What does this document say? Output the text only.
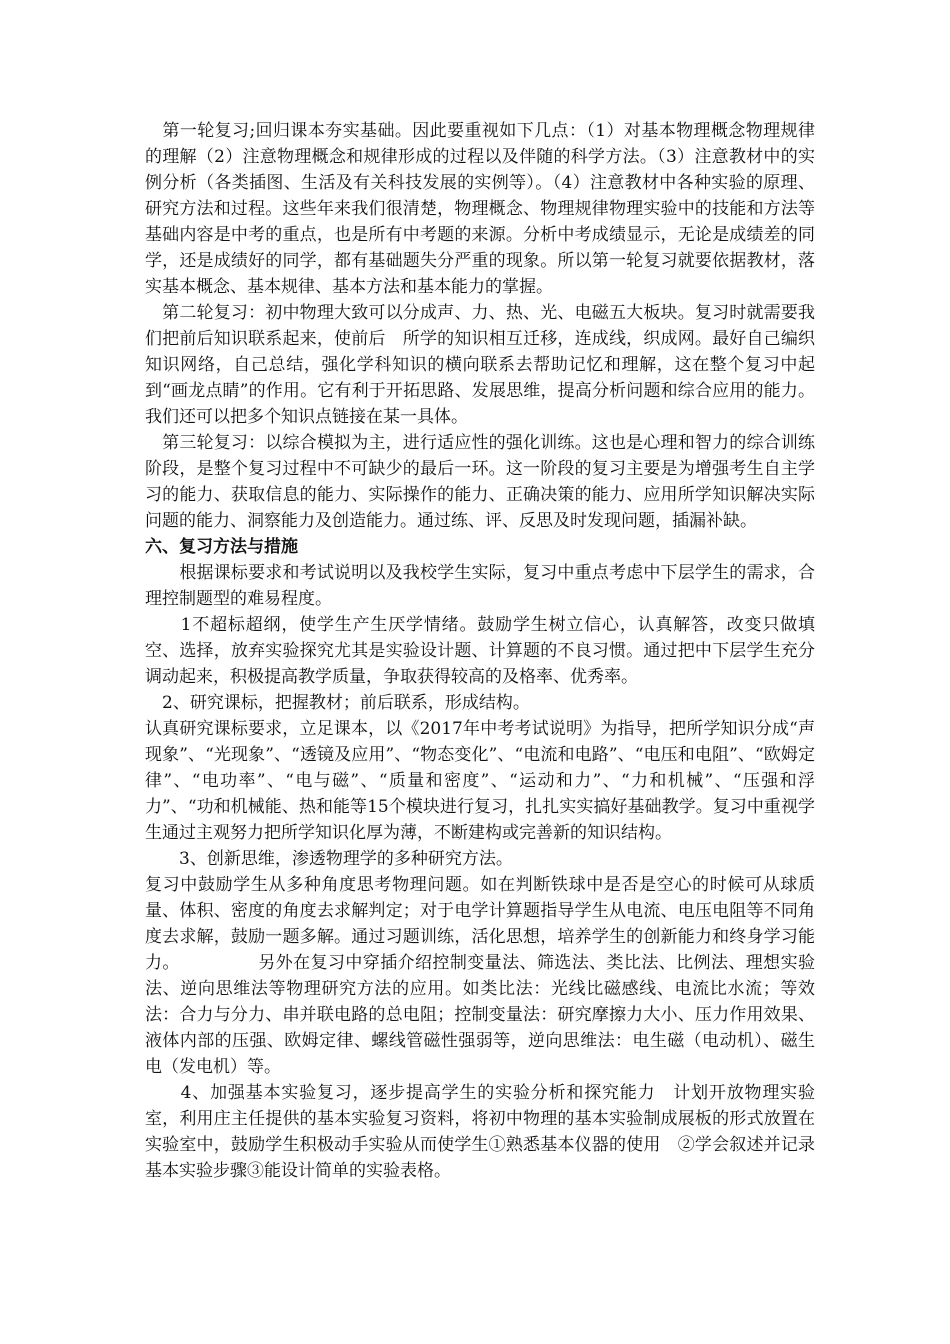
　第一轮复习;回归课本夯实基础。因此要重视如下几点：（1）对基本物理概念物理规律的理解（2）注意物理概念和规律形成的过程以及伴随的科学方法。（3）注意教材中的实例分析（各类插图、生活及有关科技发展的实例等）。（4）注意教材中各种实验的原理、研究方法和过程。这些年来我们很清楚，物理概念、物理规律物理实验中的技能和方法等基础内容是中考的重点，也是所有中考题的来源。分析中考成绩显示，无论是成绩差的同学，还是成绩好的同学，都有基础题失分严重的现象。所以第一轮复习就要依据教材，落实基本概念、基本规律、基本方法和基本能力的掌握。

　第二轮复习：初中物理大致可以分成声、力、热、光、电磁五大板块。复习时就需要我们把前后知识联系起来，使前后　所学的知识相互迁移，连成线，织成网。最好自己编织知识网络，自己总结，强化学科知识的横向联系去帮助记忆和理解，这在整个复习中起到“画龙点睛”的作用。它有利于开拓思路、发展思维，提高分析问题和综合应用的能力。我们还可以把多个知识点链接在某一具体。

　第三轮复习：以综合模拟为主，进行适应性的强化训练。这也是心理和智力的综合训练阶段，是整个复习过程中不可缺少的最后一环。这一阶段的复习主要是为增强考生自主学习的能力、获取信息的能力、实际操作的能力、正确决策的能力、应用所学知识解决实际问题的能力、洞察能力及创造能力。通过练、评、反思及时发现问题，插漏补缺。

六、复习方法与措施

　　根据课标要求和考试说明以及我校学生实际，复习中重点考虑中下层学生的需求，合理控制题型的难易程度。

　　1不超标超纲，使学生产生厌学情绪。鼓励学生树立信心，认真解答，改变只做填空、选择，放弃实验探究尤其是实验设计题、计算题的不良习惯。通过把中下层学生充分调动起来，积极提高教学质量，争取获得较高的及格率、优秀率。

　2、研究课标，把握教材；前后联系，形成结构。

认真研究课标要求，立足课本，以《2017年中考考试说明》为指导，把所学知识分成“声现象”、“光现象”、“透镜及应用”、“物态变化”、“电流和电路”、“电压和电阻”、“欧姆定律”、“电功率”、“电与磁”、“质量和密度”、“运动和力”、“力和机械”、“压强和浮力”、“功和机械能、热和能等15个模块进行复习，扎扎实实搞好基础教学。复习中重视学生通过主观努力把所学知识化厚为薄，不断建构或完善新的知识结构。

　　3、创新思维，渗透物理学的多种研究方法。

复习中鼓励学生从多种角度思考物理问题。如在判断铁球中是否是空心的时候可从球质量、体积、密度的角度去求解判定；对于电学计算题指导学生从电流、电压电阻等不同角度去求解，鼓励一题多解。通过习题训练，活化思想，培养学生的创新能力和终身学习能力。　　　　　另外在复习中穿插介绍控制变量法、筛选法、类比法、比例法、理想实验法、逆向思维法等物理研究方法的应用。如类比法：光线比磁感线、电流比水流；等效法：合力与分力、串并联电路的总电阻；控制变量法：研究摩擦力大小、压力作用效果、液体内部的压强、欧姆定律、螺线管磁性强弱等，逆向思维法：电生磁（电动机）、磁生电（发电机）等。

　　4、加强基本实验复习，逐步提高学生的实验分析和探究能力　计划开放物理实验室，利用庄主任提供的基本实验复习资料，将初中物理的基本实验制成展板的形式放置在实验室中，鼓励学生积极动手实验从而使学生①熟悉基本仪器的使用　②学会叙述并记录基本实验步骤③能设计简单的实验表格。
